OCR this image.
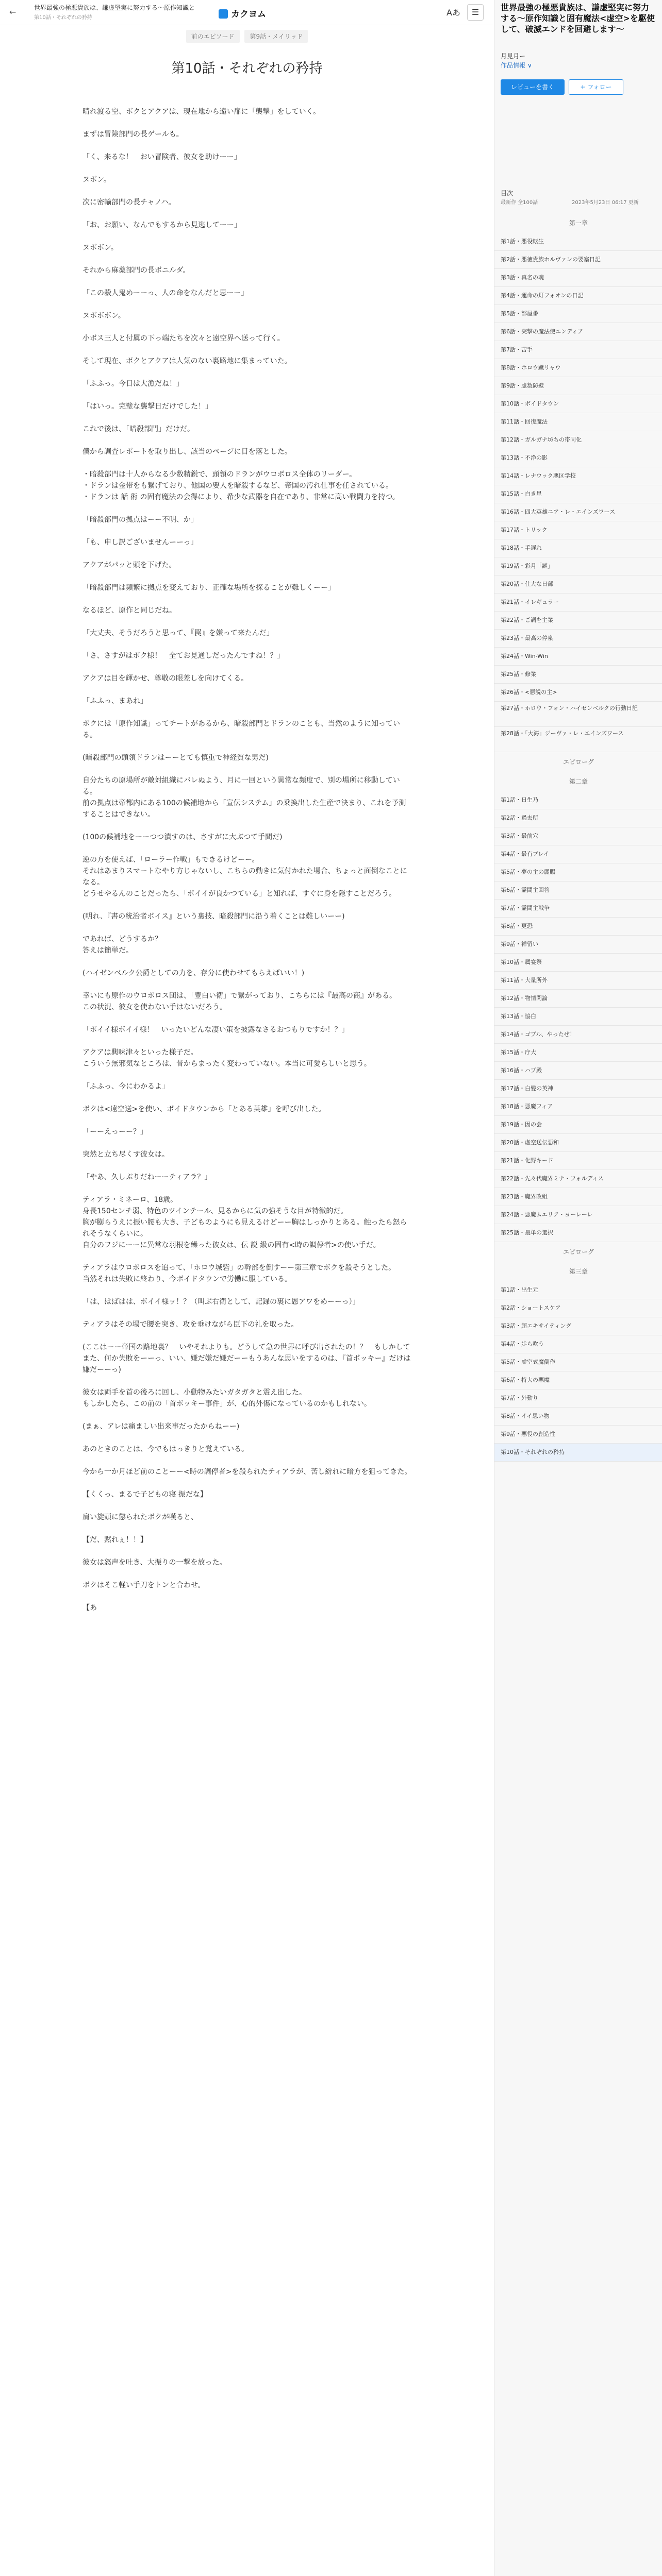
←	世界最強の極悪貴族は、謙虚堅実に努力する〜原作知識と
第10話・それぞれの矜持	カクヨム	Aあ	☰
前のエピソード 第9話・メイリッド
第10話・それぞれの矜持

晴れ渡る空、ボクとアクアは、現在地から遠い扉に「襲撃」をしていく。

まずは冒険部門の長ゲールも。

「く、来るな！　おい冒険者、彼女を助けーー」

ヌボン。

次に密輸部門の長チャノハ。

「お、お願い、なんでもするから見逃してーー」

ヌボボン。

それから麻薬部門の長ボニルダ。

「この殺人鬼めーーっ、人の命をなんだと思ーー」

ヌボボボン。

小ボス三人と付属の下っ端たちを次々と遠空界へ送って行く。

そして現在、ボクとアクアは人気のない裏路地に集まっていた。

「ふふっ。今日は大漁だね！」

「はいっ。完璧な襲撃日だけでした！」

これで後は、「暗殺部門」だけだ。

僕から調査レポートを取り出し、該当のページに目を落とした。

・暗殺部門は十人からなる少数精鋭で、頭領のドランがウロボロス全体のリーダー。

・ドランは金带をも繋げており、他国の要人を暗殺するなど、帝国の汚れ仕事を任されている。

・ドランは 話 術 の固有魔法の会得により、希少な武器を自在であり、非常に高い戦闘力を持つ。

「暗殺部門の拠点はーー不明、か」

「も、申し訳ございませんーーっ」

アクアがパッと頭を下げた。

「暗殺部門は頻繁に拠点を変えており、正確な場所を探ることが難しくーー」

なるほど、原作と同じだね。

「大丈夫、そうだろうと思って、『罠』を嫌って来たんだ」

「さ、さすがはボク様！　全てお見通しだったんですね！？」

アクアは目を輝かせ、尊敬の眼差しを向けてくる。

「ふふっ、まあね」

ボクには「原作知識」ってチートがあるから、暗殺部門とドランのことも、当然のように知っている。

(暗殺部門の頭領ドランはーーとても慎重で神経質な男だ)

自分たちの原場所が敵対組織にバレぬよう、月に一回という異常な頻度で、別の場所に移動している。

前の拠点は帝都内にある100の候補地から「宣伝システム」の乗換出した生産で決まり、これを予測することはできない。

(100の候補地をーーつつ潰すのは、さすがに大ぶつて手間だ)

逆の方を使えば、「ローラー作戦」もできるけどーー。

それはあまりスマートなやり方じゃないし、こちらの動きに気付かれた場合、ちょっと面倒なことになる。

どうせやるんのことだったら、「ポイイが良かつている」と知れば、すぐに身を隠すことだろう。

(明れ、『書の統治者ボイス』という裏技、暗殺部門に沿う着くことは難しいーー)

であれば、どうするか？

答えは簡単だ。

(ハイゼンベルク公爵としての力を、存分に使わせてもらえばいい！)

幸いにも原作のウロボロス団は、「豊白い衛」で繋がっており、こちらには『最高の商』がある。

この状況、彼女を使わない手はないだろう。

「ボイイ様ボイイ様！　いったいどんな凄い策を披露なさるおつもりですか！？」

アクアは興味津々といった様子だ。

こういう無邪気なところは、昔からまったく変わっていない。本当に可愛らしいと思う。

「ふふっ、今にわかるよ」

ボクは<遠空送>を使い、ボイドタウンから「とある英雄」を呼び出した。

「ーーえっーー？」

突然と立ち尽くす彼女は。

「やあ、久しぶりだねーーティアラ？」

ティアラ・ミネーロ、18歳。

身長150センチ弱、特色のツインテール、見るからに気の強そうな目が特徴的だ。

胸が膨らうえに振い腰も大き、子どものようにも見えるけどーー胸はしっかりとある。触ったら怒られそうなくらいに。

自分のフジにーーに異常な羽根を繰った彼女は、伝 説 級の固有<時の調停者>の使い手だ。

ティアラはウロボロスを追って、「ホロウ城砦」の幹部を倒すーー第三章でボクを殺そうとした。

当然それは失敗に終わり、今ボイドタウンで労働に服している。

「は、はばはは、ボイイ様ッ！？（叫ぶ右衛として、記録の裏に恩アワをめーーっ）」

ティアラはその場で腰を突き、攻を垂けながら臣下の礼を取った。

(ここはーー帝国の路地裏？　いやそれよりも。どうして急の世界に呼び出されたの！？　もしかしてまた、何か失敗をーーっ、いい、嫌だ嫌だ嫌だーーもうあんな思いをするのは、『首ボッキー』だけは嫌だーーっ)

彼女は両手を首の後ろに回し、小動物みたいガタガタと震え出した。

もしかしたら、この前の「首ボッキー事件」が、心的外傷になっているのかもしれない。

(まぁ、アレは痛ましい出来事だったからねーー)

あのときのことは、今でもはっきりと覚えている。

今から一か月ほど前のことーー<時の調停者>を殺られたティアラが、苦し紛れに暗方を狙ってきた。

【くくっ、まるで子どもの寝 振だな】

肩い旋頭に懲られたボクが嘆ると、

【だ、黙れぇ！！】

彼女は怒声を吐き、大振りの一撃を放った。

ボクはそこ軽い手刀をトンと合わせ。

【あ

世界最強の極悪貴族は、謙虚堅実に努力する〜原作知識と固有魔法<虚空>を駆使して、破滅エンドを回避します〜
月見月ー
作品情報 ∨
レビューを書く	+ フォロー
目次
最新作 全100話	2023年5月23日 06:17 更新
第一章
第1話・悪役転生
第2話・悪徳貴族ホルヴァンの要塞日記
第3話・真名の魂
第4話・運命の灯フォオンの日記
第5話・部屋番
第6話・突撃の魔法使エンディア
第7話・苦手
第8話・ホロウ蹴リャウ
第9話・虚数防壁
第10話・ボイドタウン
第11話・回復魔法
第12話・ガルガナ坊ちの帯同化
第13話・不浄の影
第14話・レナウック悪区学校
第15話・白き星
第16話・四大英雄ニア・レ・エインズワース
第17話・トリック
第18話・手遅れ
第19話・彩月「謎」
第20話・仕大な日部
第21話・イレギュラー
第22話・ご調を主業
第23話・最高の停泉
第24話・Win-Win
第25話・修業
第26話・<悪説の主>
第27話・ホロウ・フォン・ハイゼンベルクの行動日記
第28話・「大海」ジーヴァ・レ・エインズワース
エピローグ
第二章
第1話・日生乃
第2話・過去所
第3話・最前穴
第4話・最有プレイ
第5話・夢の主の麗賜
第6話・霊間主回答
第7話・霊間主戦争
第8話・更恐
第9話・禅留い
第10話・属宴祭
第11話・大量所外
第12話・物情閑論
第13話・協白
第14話・ゴブル、やったぜ！
第15話・庁大
第16話・ハプ殿
第17話・白髪の英神
第18話・悪魔フィア
第19話・因の会
第20話・虚空送伝悪和
第21話・化野キード
第22話・先々代魔界ミナ・フォルディス
第23話・魔界改組
第24話・悪魔ムエリア・ヨーレーレ
第25話・最単の選択
エピローグ
第三章
第1話・出生元
第2話・ショートスケア
第3話・超エキサイティング
第4話・歩ら吹う
第5話・虚空式魔倒作
第6話・特大の悪魔
第7話・外動り
第8話・イイ思い物
第9話・悪役の創造性
第10話・それぞれの矜持
